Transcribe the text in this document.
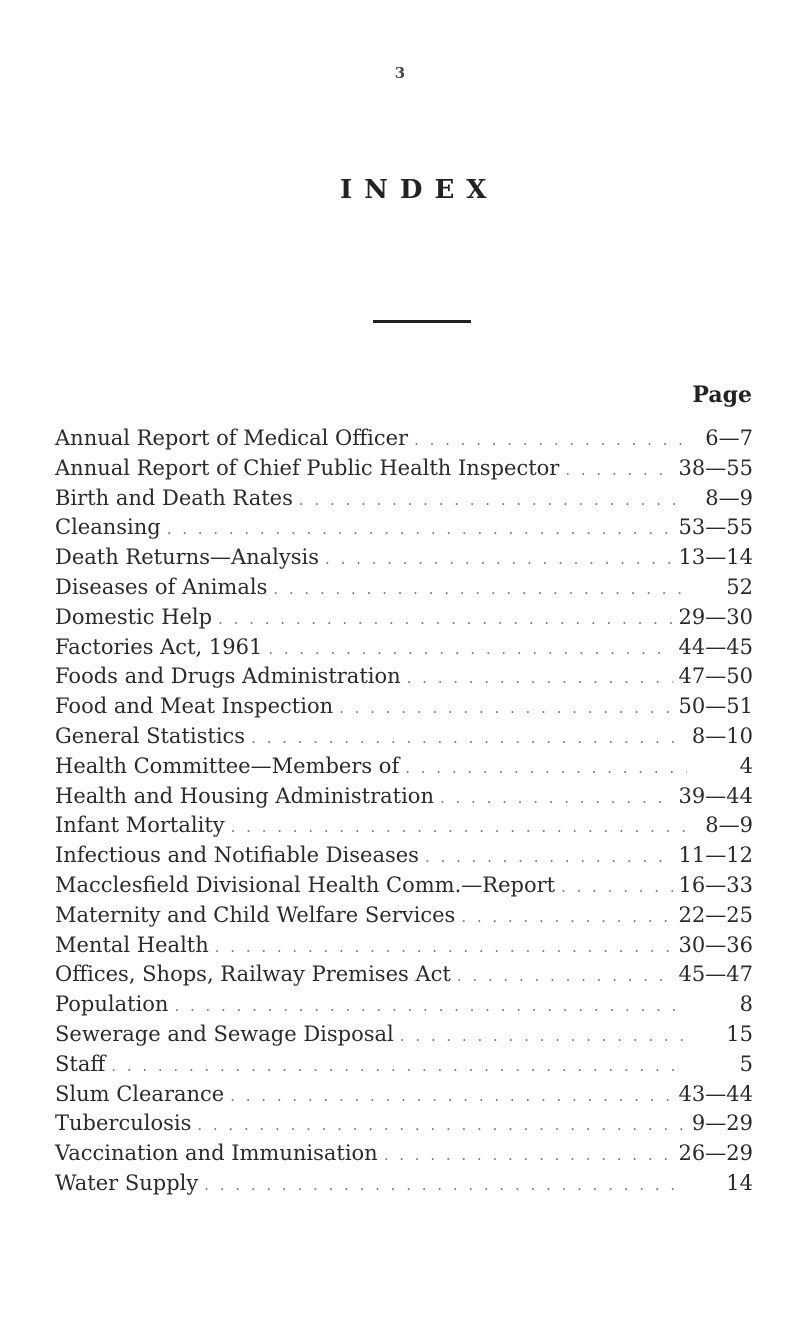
3
INDEX
Page
Annual Report of Medical Officer . . .	6—7
Annual Report of Chief Public Health Inspector . . .	38—55
Birth and Death Rates . . .	8—9
Cleansing . . .	53—55
Death Returns—Analysis . . .	13—14
Diseases of Animals . . .	52
Domestic Help . . .	29—30
Factories Act, 1961 . . .	44—45
Foods and Drugs Administration . . .	47—50
Food and Meat Inspection . . .	50—51
General Statistics . . .	8—10
Health Committee—Members of . . .	4
Health and Housing Administration . . .	39—44
Infant Mortality . . .	8—9
Infectious and Notifiable Diseases . . .	11—12
Macclesfield Divisional Health Comm.—Report . . .	16—33
Maternity and Child Welfare Services . . .	22—25
Mental Health . . .	30—36
Offices, Shops, Railway Premises Act . . .	45—47
Population . . .	8
Sewerage and Sewage Disposal . . .	15
Staff . . .	5
Slum Clearance . . .	43—44
Tuberculosis . . .	9—29
Vaccination and Immunisation . . .	26—29
Water Supply . . .	14
